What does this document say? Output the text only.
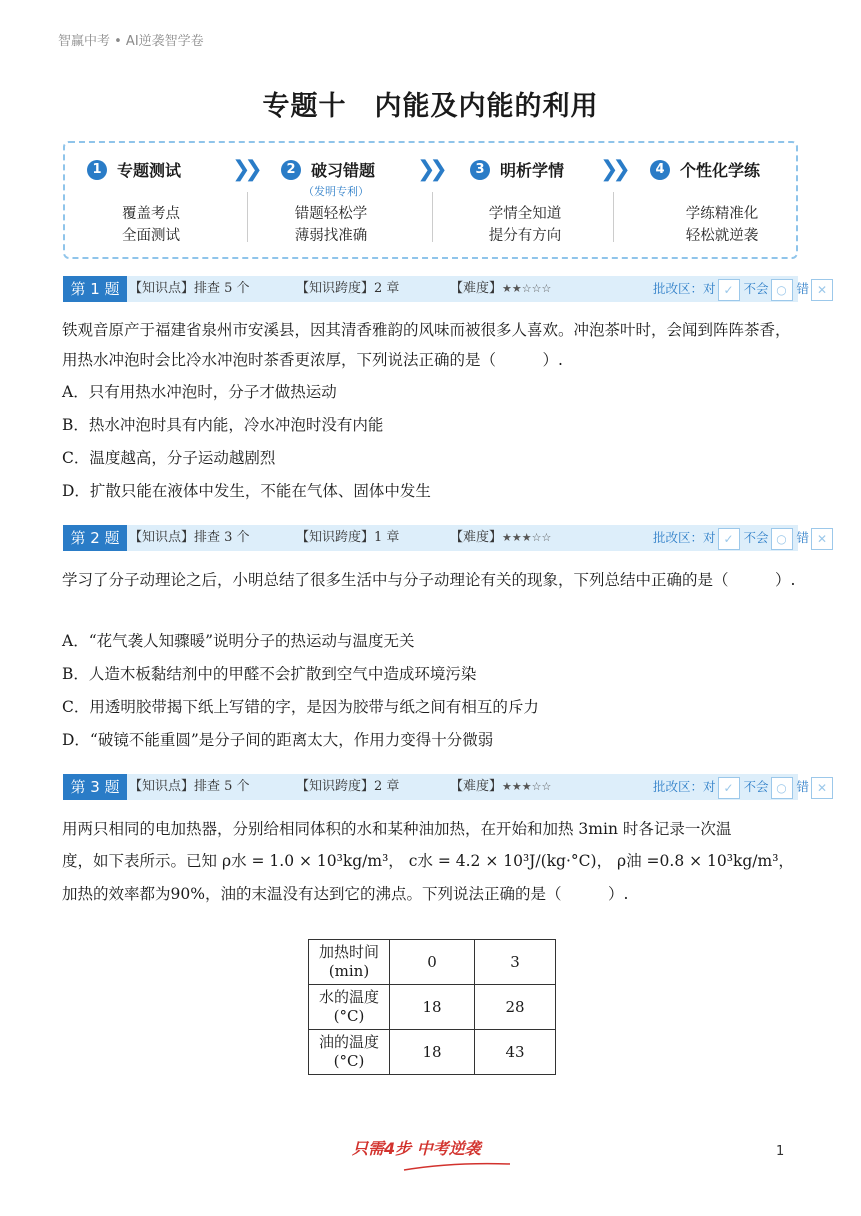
智赢中考 • AI逆袭智学卷
专题十　内能及内能的利用
1 专题测试 ❯❯	2 破习错题
（发明专利）
❯❯	3 明析学情 ❯❯	4 个性化学练
覆盖考点
全面测试
错题轻松学
薄弱找准确
学情全知道
提分有方向
学练精准化
轻松就逆袭
第 1 题 【知识点】排查 5 个	【知识跨度】2 章	【难度】★★☆☆☆	批改区：对 ✓ 不会 ○ 错 ✕
铁观音原产于福建省泉州市安溪县，因其清香雅韵的风味而被很多人喜欢。冲泡茶叶时，会闻到阵阵茶香，用热水冲泡时会比冷水冲泡时茶香更浓厚，下列说法正确的是（　　　）.
A．只有用热水冲泡时，分子才做热运动
B．热水冲泡时具有内能，冷水冲泡时没有内能
C．温度越高，分子运动越剧烈
D．扩散只能在液体中发生，不能在气体、固体中发生
第 2 题 【知识点】排查 3 个	【知识跨度】1 章	【难度】★★★☆☆	批改区：对 ✓ 不会 ○ 错 ✕
学习了分子动理论之后，小明总结了很多生活中与分子动理论有关的现象，下列总结中正确的是（　　　）.
A．“花气袭人知骤暖”说明分子的热运动与温度无关
B．人造木板黏结剂中的甲醛不会扩散到空气中造成环境污染
C．用透明胶带揭下纸上写错的字，是因为胶带与纸之间有相互的斥力
D．“破镜不能重圆”是分子间的距离太大，作用力变得十分微弱
第 3 题 【知识点】排查 5 个	【知识跨度】2 章	【难度】★★★☆☆	批改区：对 ✓ 不会 ○ 错 ✕
用两只相同的电加热器，分别给相同体积的水和某种油加热，在开始和加热 3min 时各记录一次温
度，如下表所示。已知 ρ水 = 1.0 × 10³kg/m³， c水 = 4.2 × 10³J/(kg·°C)， ρ油 =0.8 × 10³kg/m³，
加热的效率都为90%，油的末温没有达到它的沸点。下列说法正确的是（　　　）.
加热时间
(min)	0	3

水的温度
(°C)	18	28

油的温度
(°C)	18	43
只需4步 中考逆袭	1
